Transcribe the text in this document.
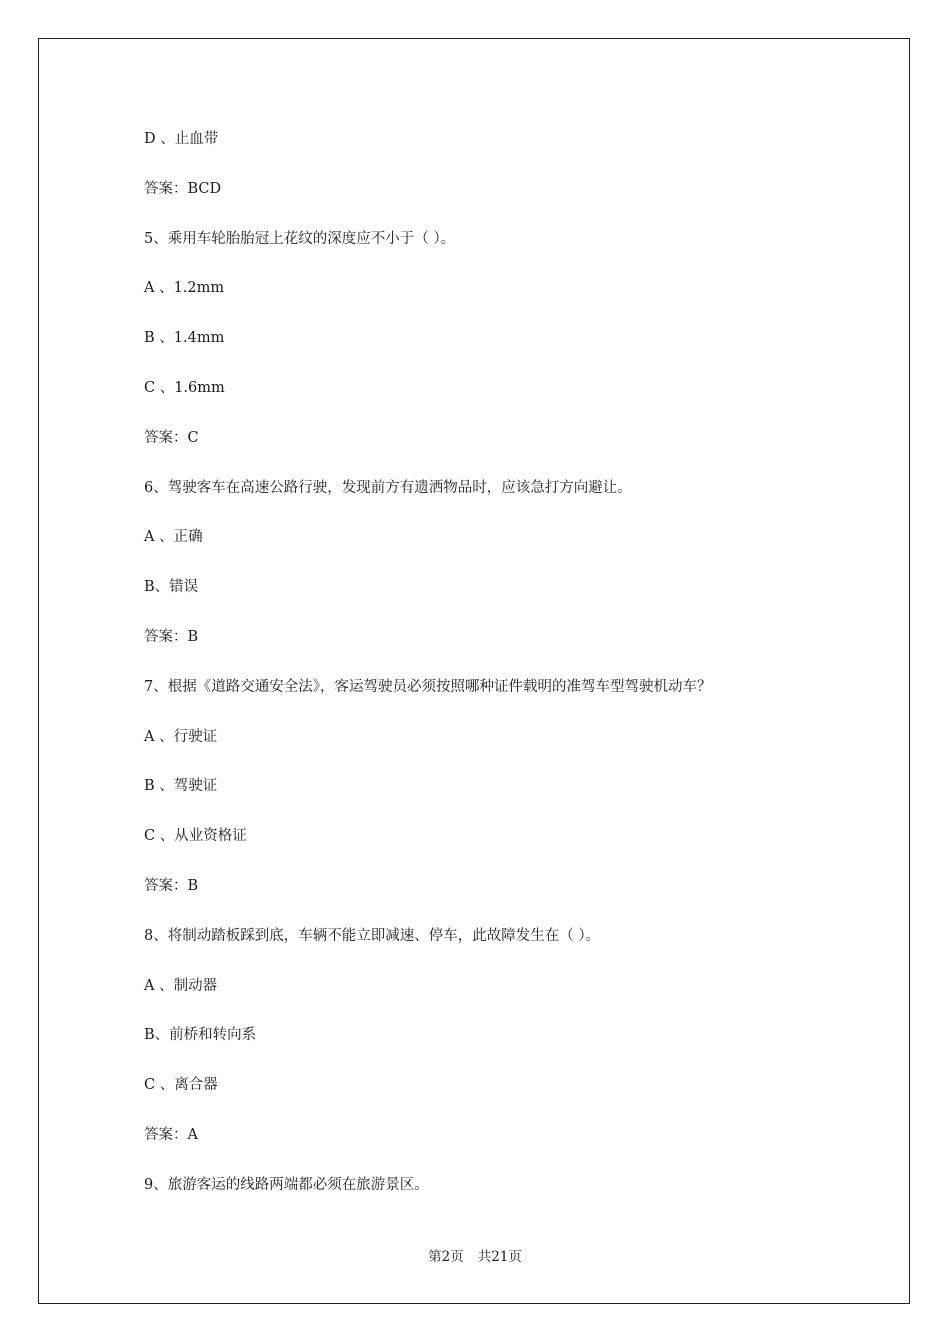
D 、止血带
答案：BCD
5、乘用车轮胎胎冠上花纹的深度应不小于（ ）。
A 、1.2mm
B 、1.4mm
C 、1.6mm
答案：C
6、驾驶客车在高速公路行驶，发现前方有遗洒物品时，应该急打方向避让。
A 、正确
B、错误
答案：B
7、根据《道路交通安全法》，客运驾驶员必须按照哪种证件载明的准驾车型驾驶机动车？
A 、行驶证
B 、驾驶证
C 、从业资格证
答案：B
8、将制动踏板踩到底，车辆不能立即减速、停车，此故障发生在（ ）。
A 、制动器
B、前桥和转向系
C 、离合器
答案：A
9、旅游客运的线路两端都必须在旅游景区。
第2页 共21页
